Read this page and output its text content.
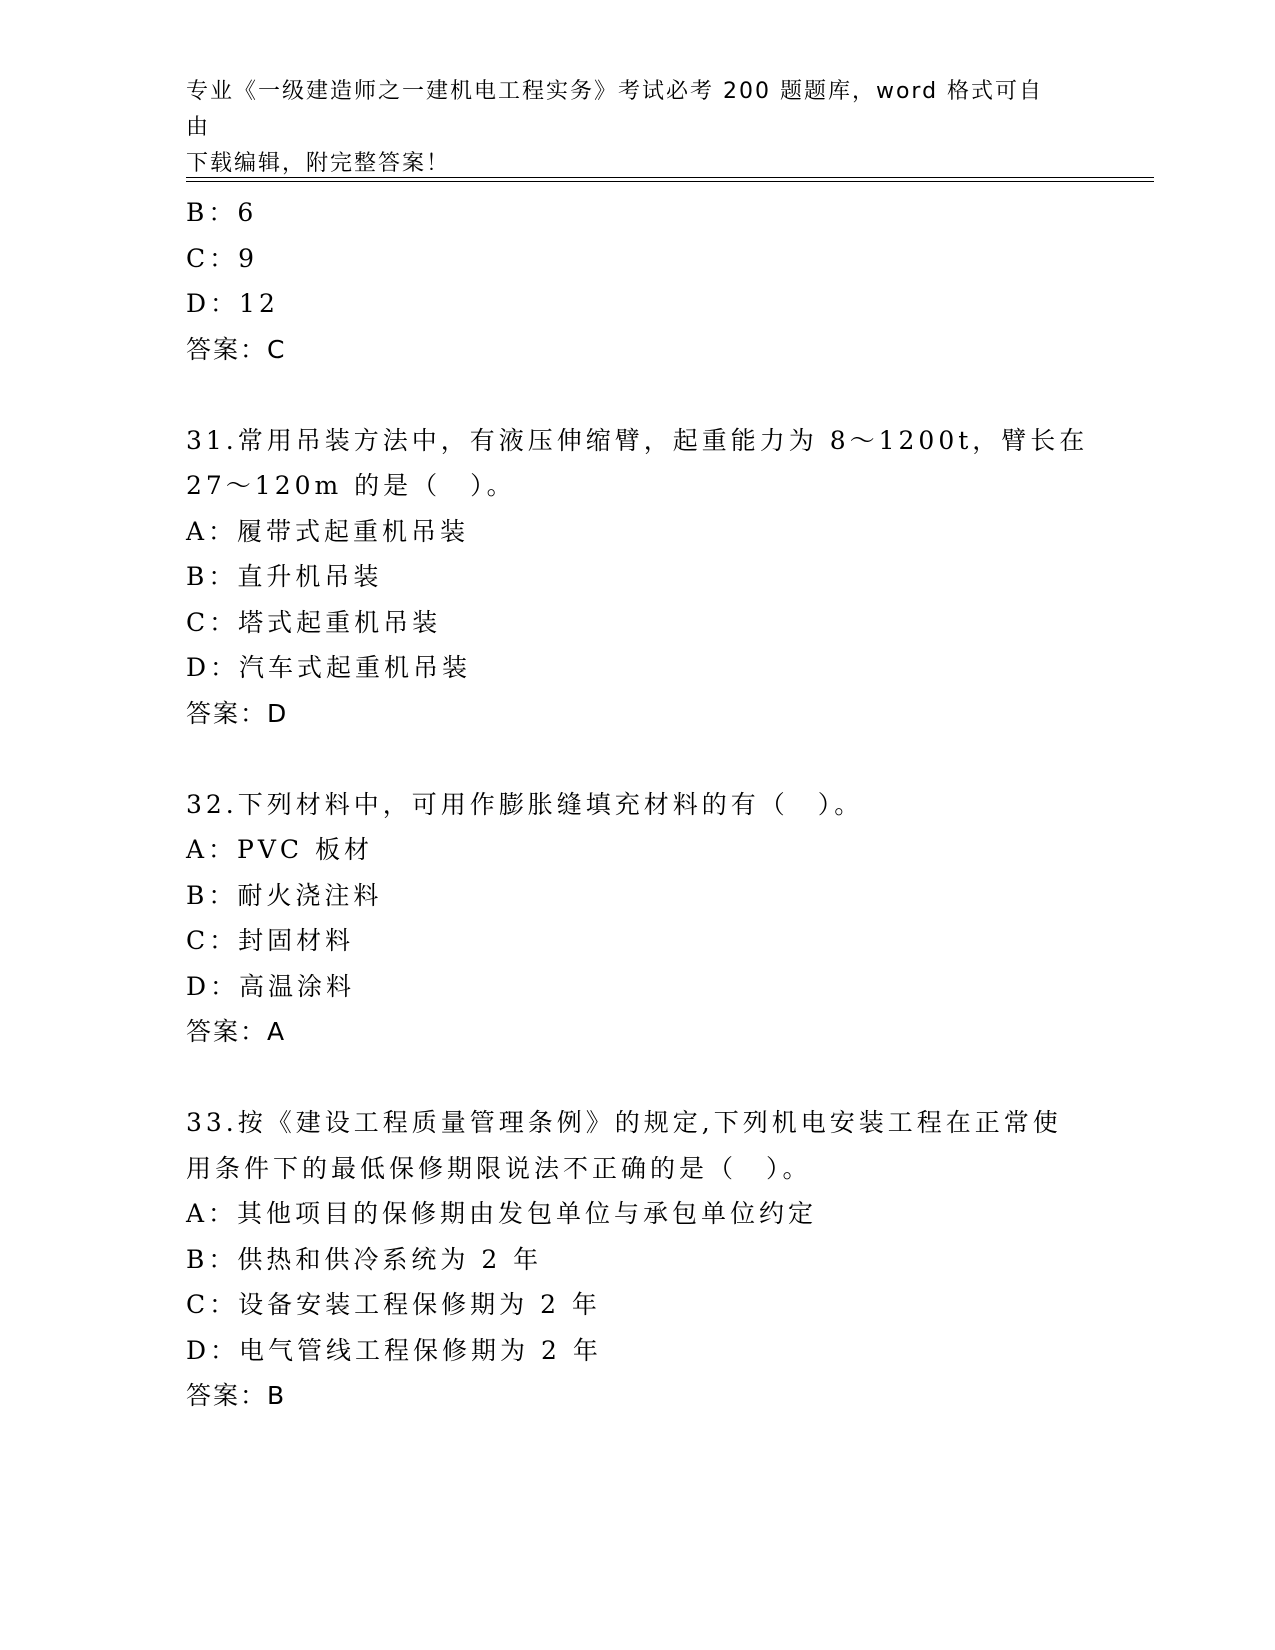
专业《一级建造师之一建机电工程实务》考试必考 200 题题库，word 格式可自由
下载编辑，附完整答案！
B：6
C：9
D：12
答案：C
31.常用吊装方法中，有液压伸缩臂，起重能力为 8～1200t，臂长在
27～120m 的是（　）。
A：履带式起重机吊装
B：直升机吊装
C：塔式起重机吊装
D：汽车式起重机吊装
答案：D
32.下列材料中，可用作膨胀缝填充材料的有（　）。
A：PVC 板材
B：耐火浇注料
C：封固材料
D：高温涂料
答案：A
33.按《建设工程质量管理条例》的规定,下列机电安装工程在正常使
用条件下的最低保修期限说法不正确的是（　）。
A：其他项目的保修期由发包单位与承包单位约定
B：供热和供冷系统为 2 年
C：设备安装工程保修期为 2 年
D：电气管线工程保修期为 2 年
答案：B
